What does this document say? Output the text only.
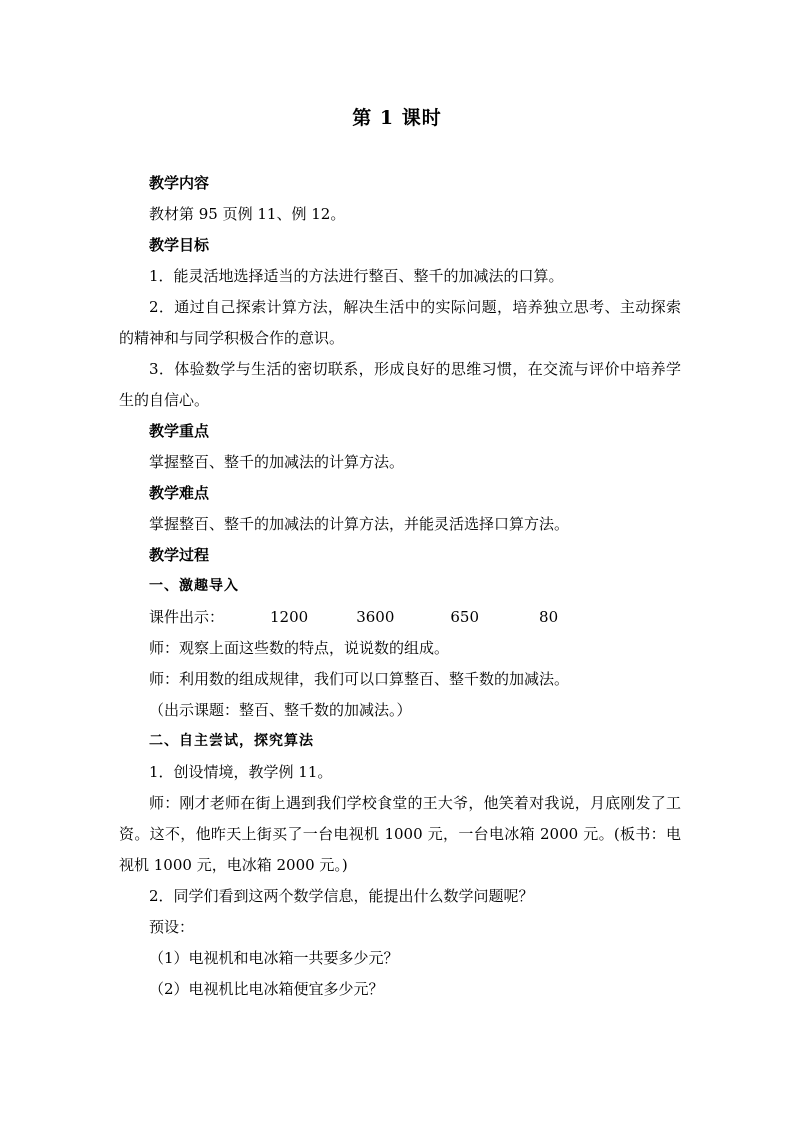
第 1 课时

教学内容

教材第 95 页例 11、例 12。

教学目标

1．能灵活地选择适当的方法进行整百、整千的加减法的口算。

2．通过自己探索计算方法，解决生活中的实际问题，培养独立思考、主动探索的精神和与同学积极合作的意识。

3．体验数学与生活的密切联系，形成良好的思维习惯，在交流与评价中培养学生的自信心。

教学重点

掌握整百、整千的加减法的计算方法。

教学难点

掌握整百、整千的加减法的计算方法，并能灵活选择口算方法。

教学过程

一、激趣导入

课件出示：	1200	3600	650	80

师：观察上面这些数的特点，说说数的组成。

师：利用数的组成规律，我们可以口算整百、整千数的加减法。

（出示课题：整百、整千数的加减法。）

二、自主尝试，探究算法

1．创设情境，教学例 11。

师：刚才老师在街上遇到我们学校食堂的王大爷，他笑着对我说，月底刚发了工资。这不，他昨天上街买了一台电视机 1000 元，一台电冰箱 2000 元。(板书：电视机 1000 元，电冰箱 2000 元。)

2．同学们看到这两个数学信息，能提出什么数学问题呢？

预设：

（1）电视机和电冰箱一共要多少元？

（2）电视机比电冰箱便宜多少元？
